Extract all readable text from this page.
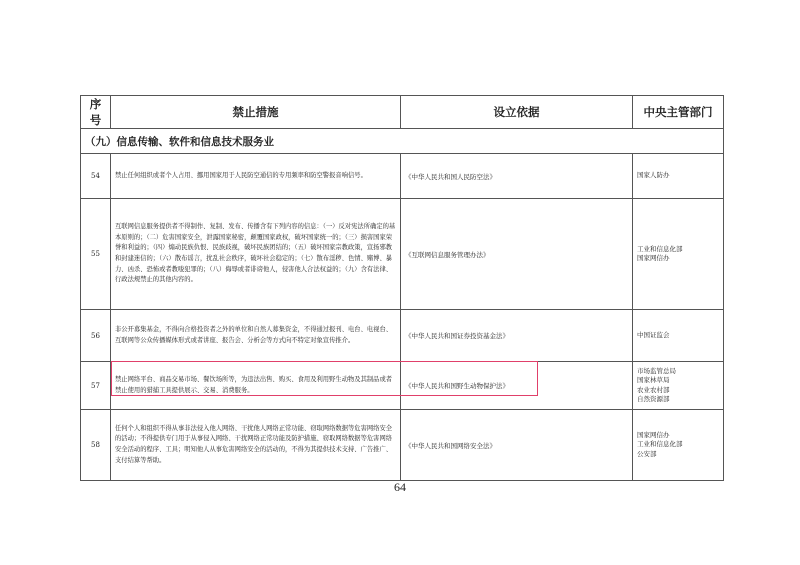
序号	禁止措施	设立依据	中央主管部门
（九）信息传输、软件和信息技术服务业			
54	禁止任何组织或者个人占用、挪用国家用于人民防空通信的专用频率和防空警报音响信号。	《中华人民共和国人民防空法》	国家人防办

55	互联网信息服务提供者不得制作、复制、发布、传播含有下列内容的信息：（一）反对宪法所确定的基本原则的；（二）危害国家安全，泄露国家秘密，颠覆国家政权，破坏国家统一的；（三）损害国家荣誉和利益的；（四）煽动民族仇恨、民族歧视，破坏民族团结的；（五）破坏国家宗教政策，宣扬邪教和封建迷信的；（六）散布谣言，扰乱社会秩序，破坏社会稳定的；（七）散布淫秽、色情、赌博、暴力、凶杀、恐怖或者教唆犯罪的；（八）侮辱或者诽谤他人，侵害他人合法权益的；（九）含有法律、行政法规禁止的其他内容的。	《互联网信息服务管理办法》	工业和信息化部
国家网信办

56	非公开募集基金，不得向合格投资者之外的单位和自然人募集资金，不得通过报刊、电台、电视台、互联网等公众传播媒体形式或者讲座、报告会、分析会等方式向不特定对象宣传推介。	《中华人民共和国证券投资基金法》	中国证监会

57	禁止网络平台、商品交易市场、餐饮场所等，为违法出售、购买、食用及利用野生动物及其制品或者禁止使用的猎捕工具提供展示、交易、消费服务。	《中华人民共和国野生动物保护法》	市场监管总局
国家林草局
农业农村部
自然资源部

58	任何个人和组织不得从事非法侵入他人网络、干扰他人网络正常功能、窃取网络数据等危害网络安全的活动；不得提供专门用于从事侵入网络、干扰网络正常功能及防护措施、窃取网络数据等危害网络安全活动的程序、工具；明知他人从事危害网络安全的活动的，不得为其提供技术支持、广告推广、支付结算等帮助。	《中华人民共和国网络安全法》	国家网信办
工业和信息化部
公安部
64
